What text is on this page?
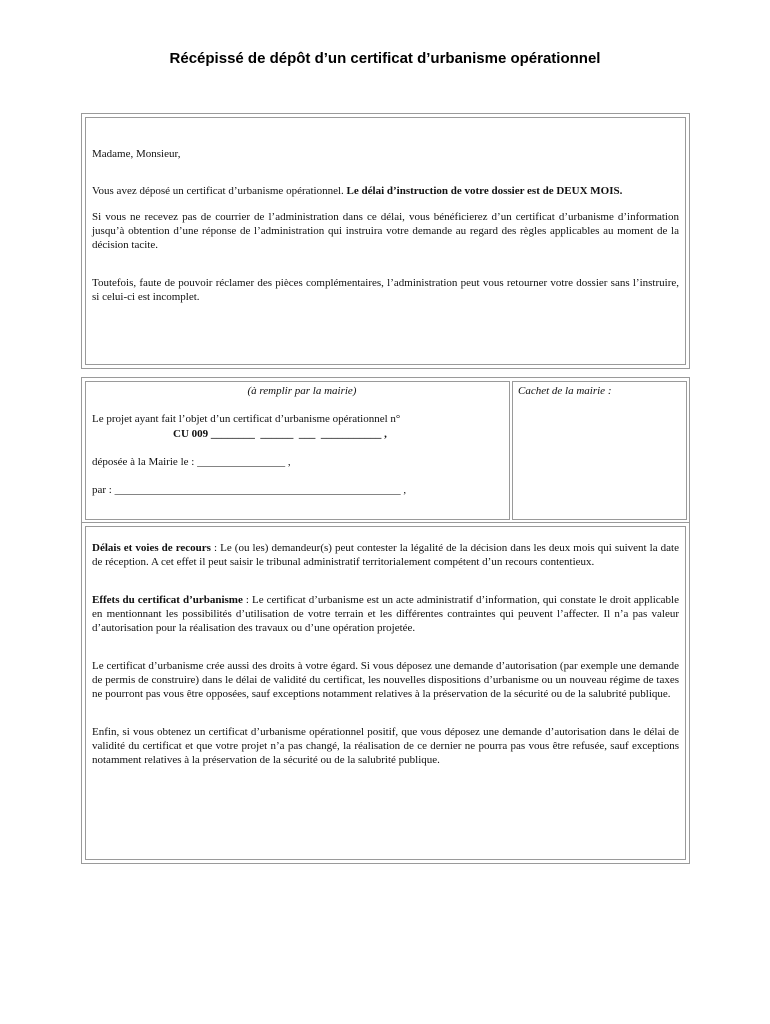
Récépissé de dépôt d’un certificat d’urbanisme opérationnel

Madame, Monsieur,

Vous avez déposé un certificat d’urbanisme opérationnel. Le délai d’instruction de votre dossier est de DEUX MOIS.

Si vous ne recevez pas de courrier de l’administration dans ce délai, vous bénéficierez d’un certificat d’urbanisme d’information jusqu’à obtention d’une réponse de l’administration qui instruira votre demande au regard des règles applicables au moment de la décision tacite.

Toutefois, faute de pouvoir réclamer des pièces complémentaires, l’administration peut vous retourner votre dossier sans l’instruire, si celui-ci est incomplet.

(à remplir par la mairie)
Le projet ayant fait l’objet d’un certificat d’urbanisme opérationnel n°
CU 009 ________  ______  ___  ___________ ,
déposée à la Mairie le : ________________ ,
par : ____________________________________________________ ,
Cachet de la mairie :

Délais et voies de recours : Le (ou les) demandeur(s) peut contester la légalité de la décision dans les deux mois qui suivent la date de réception. A cet effet il peut saisir le tribunal administratif territorialement compétent d’un recours contentieux.

Effets du certificat d’urbanisme : Le certificat d’urbanisme est un acte administratif d’information, qui constate le droit applicable en mentionnant les possibilités d’utilisation de votre terrain et les différentes contraintes qui peuvent l’affecter. Il n’a pas valeur d’autorisation pour la réalisation des travaux ou d’une opération projetée.

Le certificat d’urbanisme crée aussi des droits à votre égard. Si vous déposez une demande d’autorisation (par exemple une demande de permis de construire) dans le délai de validité du certificat, les nouvelles dispositions d’urbanisme ou un nouveau régime de taxes ne pourront pas vous être opposées, sauf exceptions notamment relatives à la préservation de la sécurité ou de la salubrité publique.

Enfin, si vous obtenez un certificat d’urbanisme opérationnel positif, que vous déposez une demande d’autorisation dans le délai de validité du certificat et que votre projet n’a pas changé, la réalisation de ce dernier ne pourra pas vous être refusée, sauf exceptions notamment relatives à la préservation de la sécurité ou de la salubrité publique.
